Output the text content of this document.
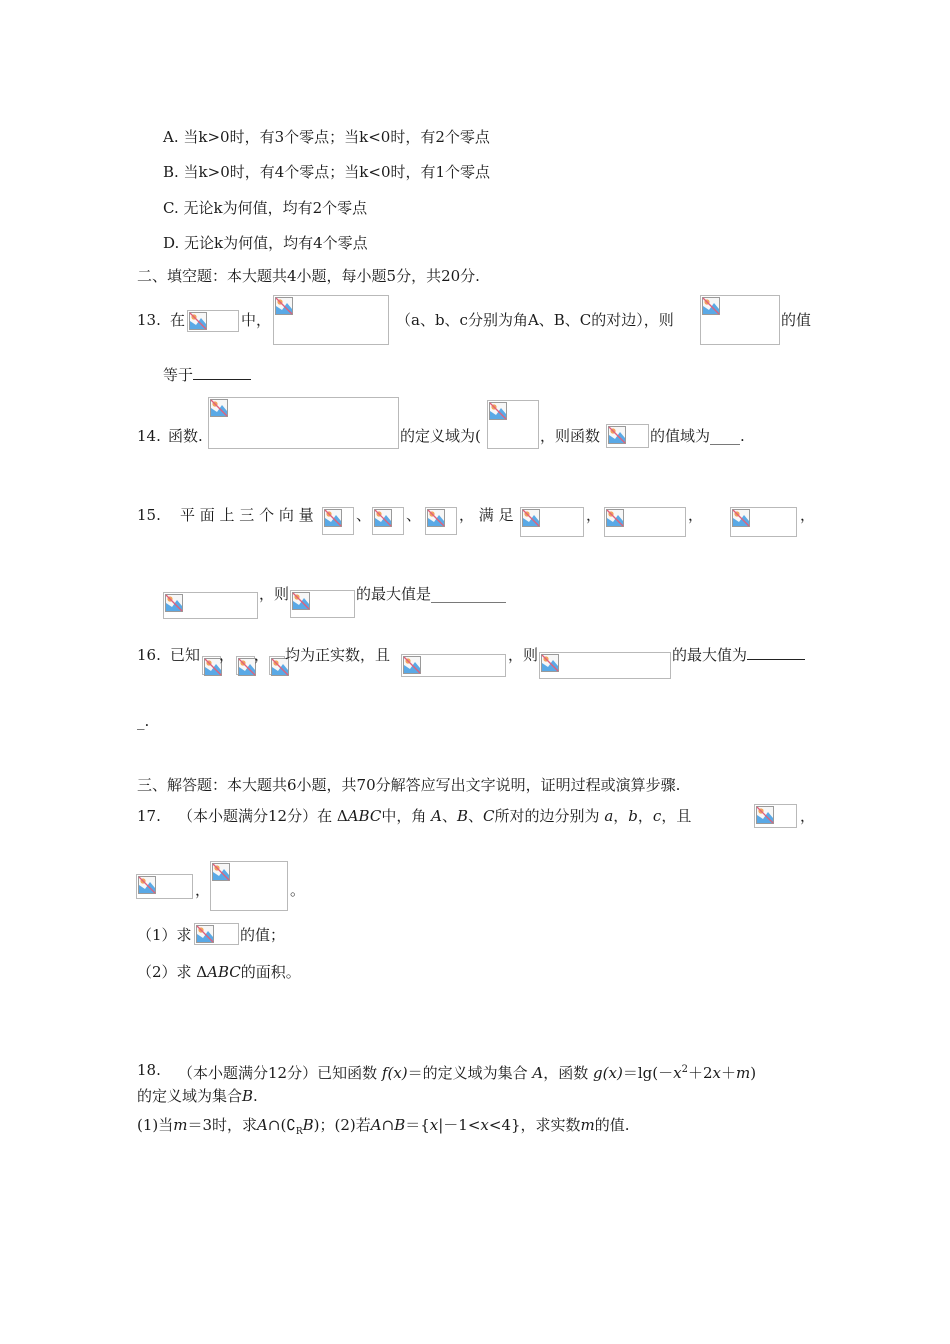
A. 当k>0时，有3个零点；当k<0时，有2个零点
B. 当k>0时，有4个零点；当k<0时，有1个零点
C. 无论k为何值，均有2个零点
D. 无论k为何值，均有4个零点
二、填空题：本大题共4小题，每小题5分，共20分.
13. 在	中，	（a、b、c分别为角A、B、C的对边），则	的值
等于
14. 函数.	的定义域为(	，则函数	的值域为____.
15. 平 面 上 三 个 向 量	、 、	， 满 足	，	，	，
，则	的最大值是__________
16. 已知 ， ， 均为正实数，且	，则	的最大值为
_.
三、解答题：本大题共6小题，共70分解答应写出文字说明，证明过程或演算步骤.
17. （本小题满分12分）在 ΔABC中，角 A、B、C所对的边分别为 a，b，c，且	，
，	。
（1）求	的值；
（2）求 ΔABC的面积。
18. （本小题满分12分）已知函数 f(x)＝的定义域为集合 A，函数 $g(x)=\lg(-x^2+2x+m)$
的定义域为集合B.
(1)当m＝3时，求$A\cap(∁_RB)$；(2)若A∩B＝{x|－1<x<4}，求实数m的值.
